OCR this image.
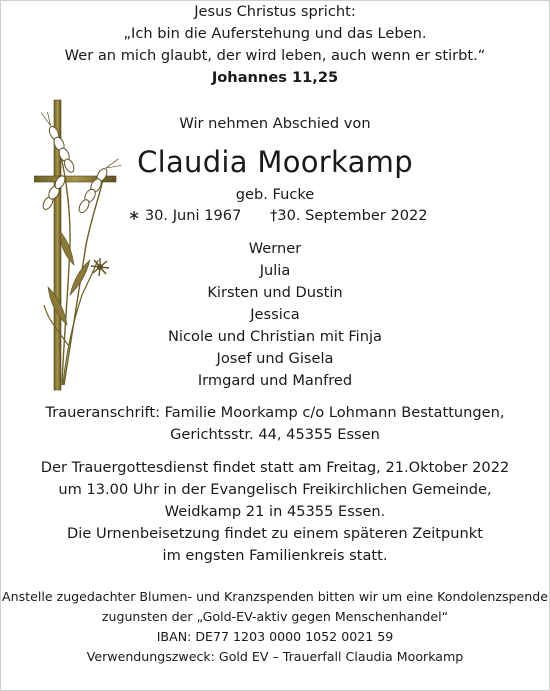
Jesus Christus spricht:
„Ich bin die Auferstehung und das Leben.
Wer an mich glaubt, der wird leben, auch wenn er stirbt.“
Johannes 11,25
Wir nehmen Abschied von
Claudia Moorkamp
geb. Fucke
∗ 30. Juni 1967 †30. September 2022
Werner
Julia
Kirsten und Dustin
Jessica
Nicole und Christian mit Finja
Josef und Gisela
Irmgard und Manfred
Traueranschrift: Familie Moorkamp c/o Lohmann Bestattungen,
Gerichtsstr. 44, 45355 Essen
Der Trauergottesdienst findet statt am Freitag, 21.Oktober 2022
um 13.00 Uhr in der Evangelisch Freikirchlichen Gemeinde,
Weidkamp 21 in 45355 Essen.
Die Urnenbeisetzung findet zu einem späteren Zeitpunkt
im engsten Familienkreis statt.
Anstelle zugedachter Blumen- und Kranzspenden bitten wir um eine Kondolenzspende
zugunsten der „Gold-EV-aktiv gegen Menschenhandel“
IBAN: DE77 1203 0000 1052 0021 59
Verwendungszweck: Gold EV – Trauerfall Claudia Moorkamp
